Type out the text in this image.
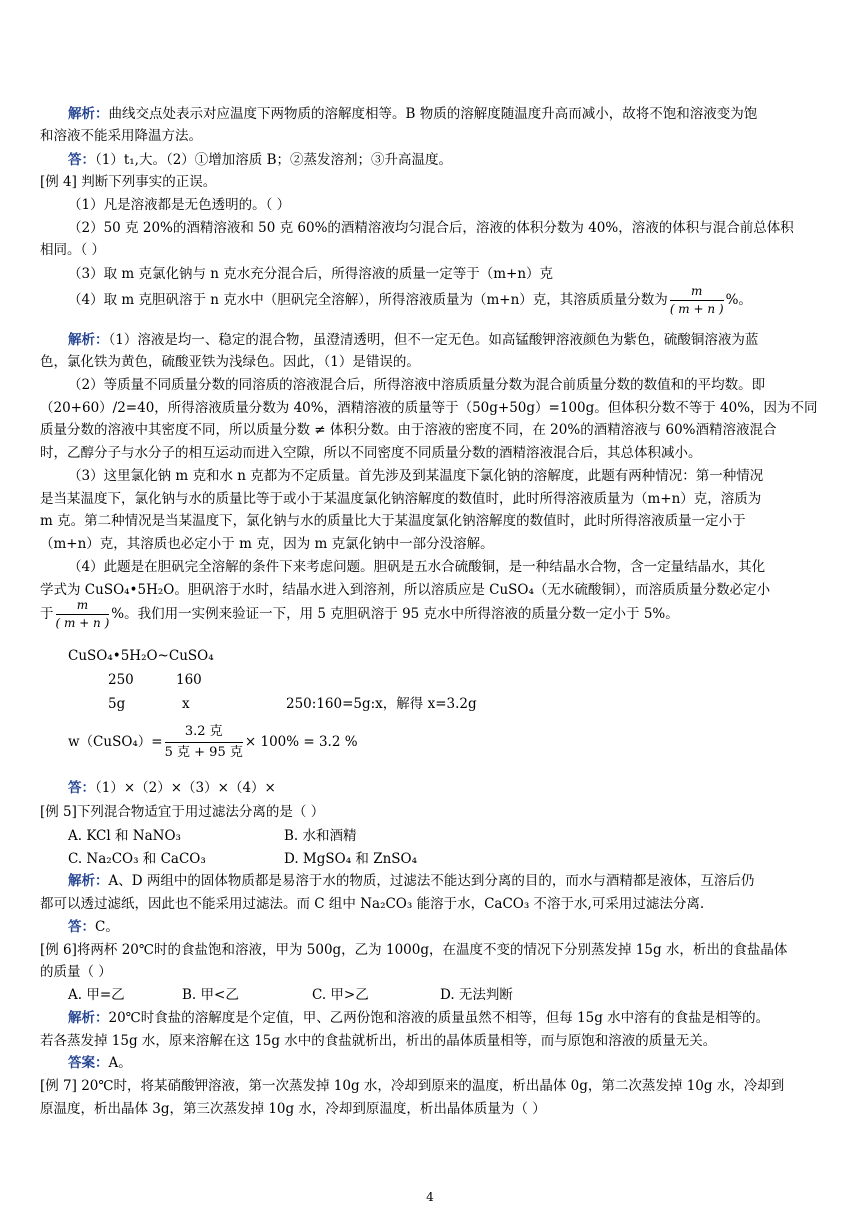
解析：曲线交点处表示对应温度下两物质的溶解度相等。B 物质的溶解度随温度升高而减小，故将不饱和溶液变为饱
和溶液不能采用降温方法。
答：（1）t₁,大。（2）①增加溶质 B；②蒸发溶剂；③升高温度。
[例 4] 判断下列事实的正误。
（1）凡是溶液都是无色透明的。（ ）
（2）50 克 20%的酒精溶液和 50 克 60%的酒精溶液均匀混合后，溶液的体积分数为 40%，溶液的体积与混合前总体积
相同。（ ）
（3）取 m 克氯化钠与 n 克水充分混合后，所得溶液的质量一定等于（m+n）克
（4）取 m 克胆矾溶于 n 克水中（胆矾完全溶解），所得溶液质量为（m+n）克，其溶质质量分数为 $\frac{m}{( m + n )}$ %。
解析：（1）溶液是均一、稳定的混合物，虽澄清透明，但不一定无色。如高锰酸钾溶液颜色为紫色，硫酸铜溶液为蓝
色，氯化铁为黄色，硫酸亚铁为浅绿色。因此，（1）是错误的。
（2）等质量不同质量分数的同溶质的溶液混合后，所得溶液中溶质质量分数为混合前质量分数的数值和的平均数。即
（20+60）/2=40，所得溶液质量分数为 40%，酒精溶液的质量等于（50g+50g）=100g。但体积分数不等于 40%，因为不同
质量分数的溶液中其密度不同，所以质量分数 ≠ 体积分数。由于溶液的密度不同，在 20%的酒精溶液与 60%酒精溶液混合
时，乙醇分子与水分子的相互运动而进入空隙，所以不同密度不同质量分数的酒精溶液混合后，其总体积减小。
（3）这里氯化钠 m 克和水 n 克都为不定质量。首先涉及到某温度下氯化钠的溶解度，此题有两种情况：第一种情况
是当某温度下，氯化钠与水的质量比等于或小于某温度氯化钠溶解度的数值时，此时所得溶液质量为（m+n）克，溶质为
m 克。第二种情况是当某温度下，氯化钠与水的质量比大于某温度氯化钠溶解度的数值时，此时所得溶液质量一定小于
（m+n）克，其溶质也必定小于 m 克，因为 m 克氯化钠中一部分没溶解。
（4）此题是在胆矾完全溶解的条件下来考虑问题。胆矾是五水合硫酸铜，是一种结晶水合物，含一定量结晶水，其化
学式为 CuSO₄•5H₂O。胆矾溶于水时，结晶水进入到溶剂，所以溶质应是 CuSO₄（无水硫酸铜），而溶质质量分数必定小
于 $\frac{m}{( m + n )}$ %。我们用一实例来验证一下，用 5 克胆矾溶于 95 克水中所得溶液的质量分数一定小于 5%。
CuSO₄•5H₂O~CuSO₄
250	160
5g	x	250:160=5g:x，解得 x=3.2g
w（CuSO₄）= $\frac{\text{3.2 克}}{\text{5 克 + 95 克}} \times 100\% = 3.2$ %
答：（1）×（2）×（3）×（4）×
[例 5]下列混合物适宜于用过滤法分离的是（ ）
A. KCl 和 NaNO₃	B. 水和酒精
C. Na₂CO₃ 和 CaCO₃	D. MgSO₄ 和 ZnSO₄
解析：A、D 两组中的固体物质都是易溶于水的物质，过滤法不能达到分离的目的，而水与酒精都是液体，互溶后仍
都可以透过滤纸，因此也不能采用过滤法。而 C 组中 Na₂CO₃ 能溶于水，CaCO₃ 不溶于水,可采用过滤法分离.
答：C。
[例 6]将两杯 20℃时的食盐饱和溶液，甲为 500g，乙为 1000g，在温度不变的情况下分别蒸发掉 15g 水，析出的食盐晶体
的质量（ ）
A. 甲=乙	B. 甲<乙	C. 甲>乙	D. 无法判断
解析：20℃时食盐的溶解度是个定值，甲、乙两份饱和溶液的质量虽然不相等，但每 15g 水中溶有的食盐是相等的。
若各蒸发掉 15g 水，原来溶解在这 15g 水中的食盐就析出，析出的晶体质量相等，而与原饱和溶液的质量无关。
答案：A。
[例 7] 20℃时，将某硝酸钾溶液，第一次蒸发掉 10g 水，冷却到原来的温度，析出晶体 0g，第二次蒸发掉 10g 水，冷却到
原温度，析出晶体 3g，第三次蒸发掉 10g 水，冷却到原温度，析出晶体质量为（ ）
4
